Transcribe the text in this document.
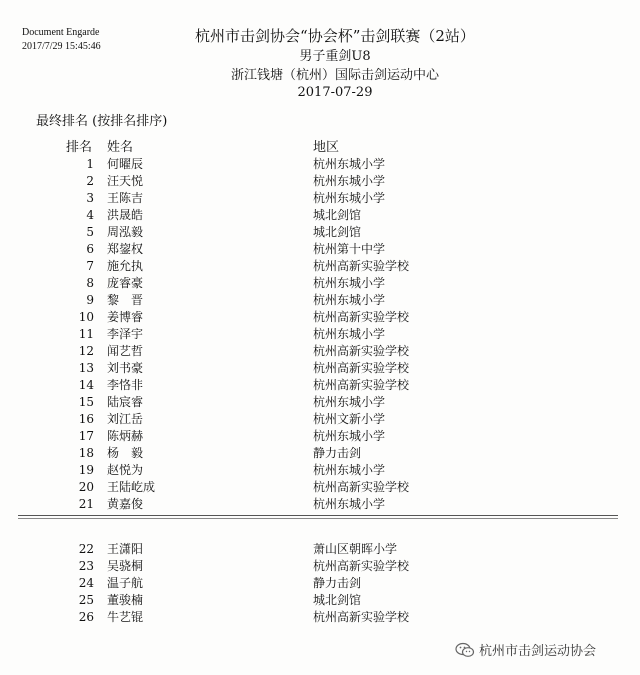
Document Engarde
2017/7/29 15:45:46
杭州市击剑协会“协会杯”击剑联赛（2站）
男子重剑U8
浙江钱塘（杭州）国际击剑运动中心
2017-07-29
最终排名 (按排名排序)
排名 姓名	地区
1 何曜辰	杭州东城小学
2 汪天悦	杭州东城小学
3 王陈吉	杭州东城小学
4 洪晟皓	城北剑馆
5 周泓毅	城北剑馆
6 郑鋆权	杭州第十中学
7 施允执	杭州高新实验学校
8 庞睿豪	杭州东城小学
9 黎　晋	杭州东城小学
10 姜博睿	杭州高新实验学校
11 李泽宇	杭州东城小学
12 闻艺哲	杭州高新实验学校
13 刘书豪	杭州高新实验学校
14 李恪非	杭州高新实验学校
15 陆宸睿	杭州东城小学
16 刘江岳	杭州文新小学
17 陈炳赫	杭州东城小学
18 杨　毅	静力击剑
19 赵悦为	杭州东城小学
20 王陆屹成	杭州高新实验学校
21 黄嘉俊	杭州东城小学
22 王潇阳	萧山区朝晖小学
23 吴骁桐	杭州高新实验学校
24 温子航	静力击剑
25 董骏楠	城北剑馆
26 牛艺锟	杭州高新实验学校
杭州市击剑运动协会
